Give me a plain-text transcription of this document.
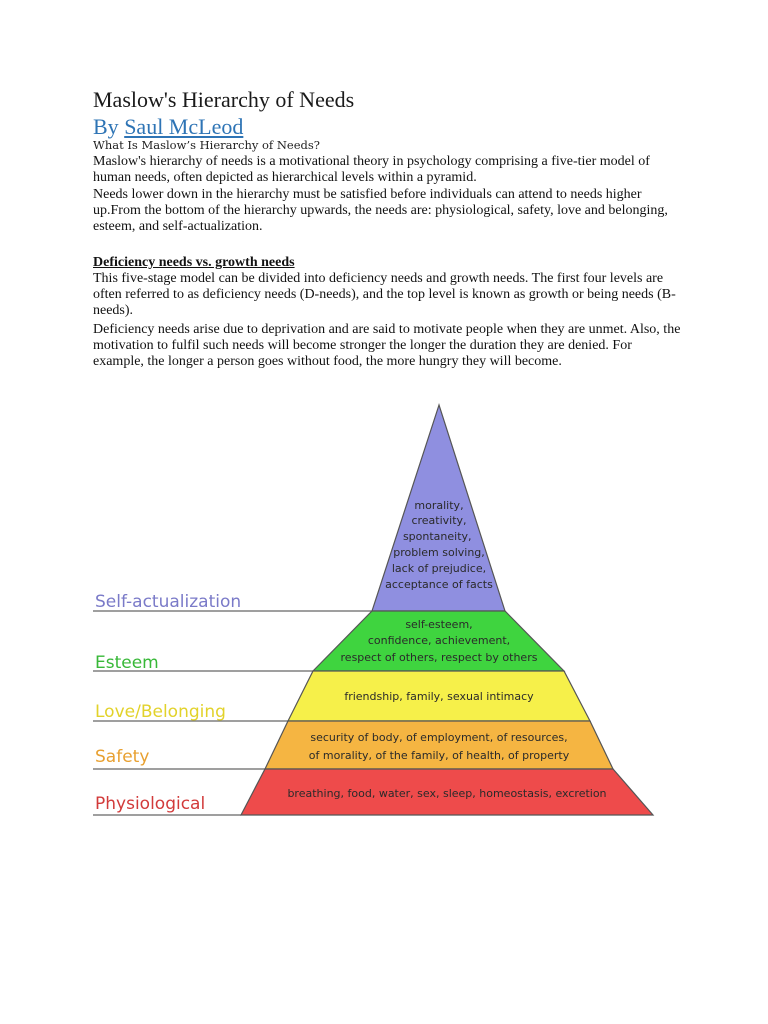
Maslow's Hierarchy of Needs

By Saul McLeod

What Is Maslow’s Hierarchy of Needs?

Maslow's hierarchy of needs is a motivational theory in psychology comprising a five-tier model of human needs, often depicted as hierarchical levels within a pyramid.

Needs lower down in the hierarchy must be satisfied before individuals can attend to needs higher up.From the bottom of the hierarchy upwards, the needs are: physiological, safety, love and belonging, esteem, and self-actualization.

Deficiency needs vs. growth needs

This five-stage model can be divided into deficiency needs and growth needs. The first four levels are often referred to as deficiency needs (D-needs), and the top level is known as growth or being needs (B-needs).

Deficiency needs arise due to deprivation and are said to motivate people when they are unmet. Also, the motivation to fulfil such needs will become stronger the longer the duration they are denied. For example, the longer a person goes without food, the more hungry they will become.

morality, creativity, spontaneity, problem solving, lack of prejudice, acceptance of facts
Self-actualization
self-esteem, confidence, achievement, respect of others, respect by others
Esteem
friendship, family, sexual intimacy
Love/Belonging
security of body, of employment, of resources, of morality, of the family, of health, of property
Safety
breathing, food, water, sex, sleep, homeostasis, excretion
Physiological
